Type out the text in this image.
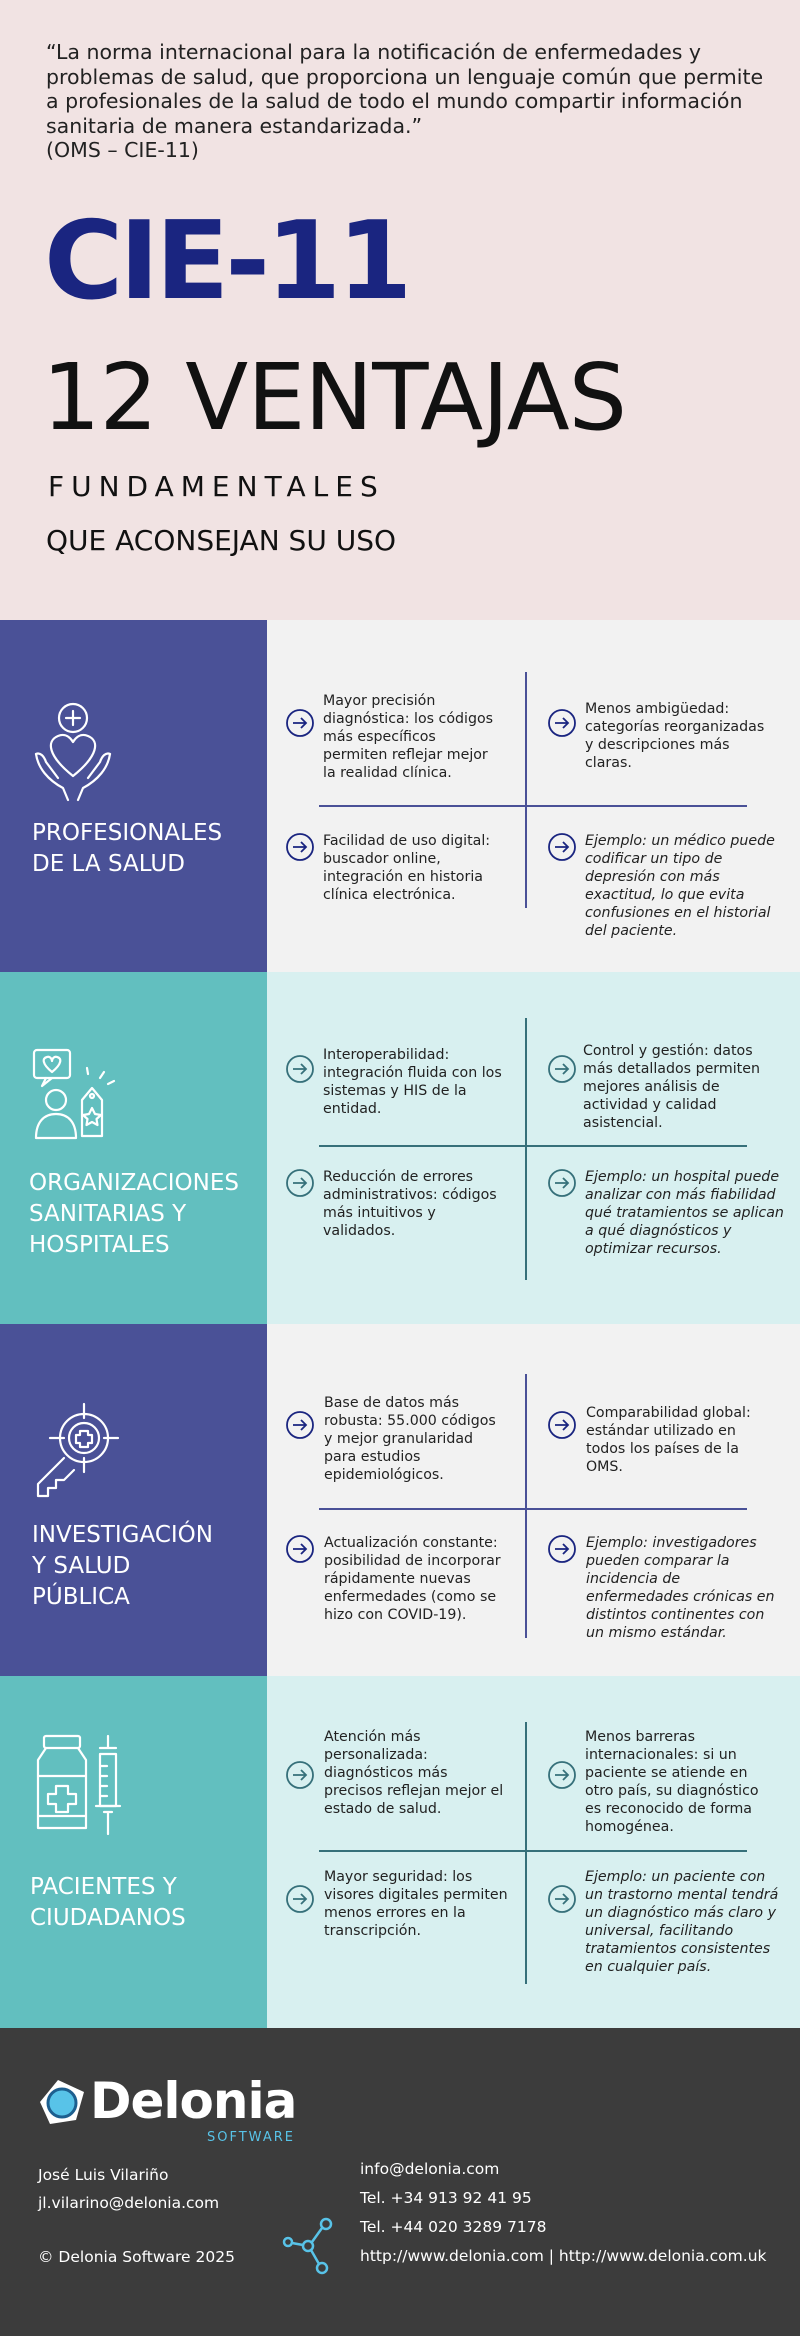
“La norma internacional para la notificación de enfermedades y problemas de salud, que proporciona un lenguaje común que permite a profesionales de la salud de todo el mundo compartir información sanitaria de manera estandarizada.”

(OMS – CIE-11)

CIE-11
12 VENTAJAS
FUNDAMENTALES
QUE ACONSEJAN SU USO
PROFESIONALES
DE LA SALUD
Mayor precisión diagnóstica: los códigos más específicos permiten reflejar mejor la realidad clínica.
Menos ambigüedad: categorías reorganizadas y descripciones más claras.
Facilidad de uso digital: buscador online, integración en historia clínica electrónica.
Ejemplo: un médico puede codificar un tipo de depresión con más exactitud, lo que evita confusiones en el historial del paciente.
ORGANIZACIONES
SANITARIAS Y
HOSPITALES
Interoperabilidad: integración fluida con los sistemas y HIS de la entidad.
Control y gestión: datos más detallados permiten mejores análisis de actividad y calidad asistencial.
Reducción de errores administrativos: códigos más intuitivos y validados.
Ejemplo: un hospital puede analizar con más fiabilidad qué tratamientos se aplican a qué diagnósticos y optimizar recursos.
INVESTIGACIÓN
Y SALUD
PÚBLICA
Base de datos más robusta: 55.000 códigos y mejor granularidad para estudios epidemiológicos.
Comparabilidad global: estándar utilizado en todos los países de la OMS.
Actualización constante: posibilidad de incorporar rápidamente nuevas enfermedades (como se hizo con COVID-19).
Ejemplo: investigadores pueden comparar la incidencia de enfermedades crónicas en distintos continentes con un mismo estándar.
PACIENTES Y
CIUDADANOS
Atención más personalizada: diagnósticos más precisos reflejan mejor el estado de salud.
Menos barreras internacionales: si un paciente se atiende en otro país, su diagnóstico es reconocido de forma homogénea.
Mayor seguridad: los visores digitales permiten menos errores en la transcripción.
Ejemplo: un paciente con un trastorno mental tendrá un diagnóstico más claro y universal, facilitando tratamientos consistentes en cualquier país.
Delonia
SOFTWARE
José Luis Vilariño
jl.vilarino@delonia.com
© Delonia Software 2025
info@delonia.com
Tel. +34 913 92 41 95
Tel. +44 020 3289 7178
http://www.delonia.com | http://www.delonia.com.uk
